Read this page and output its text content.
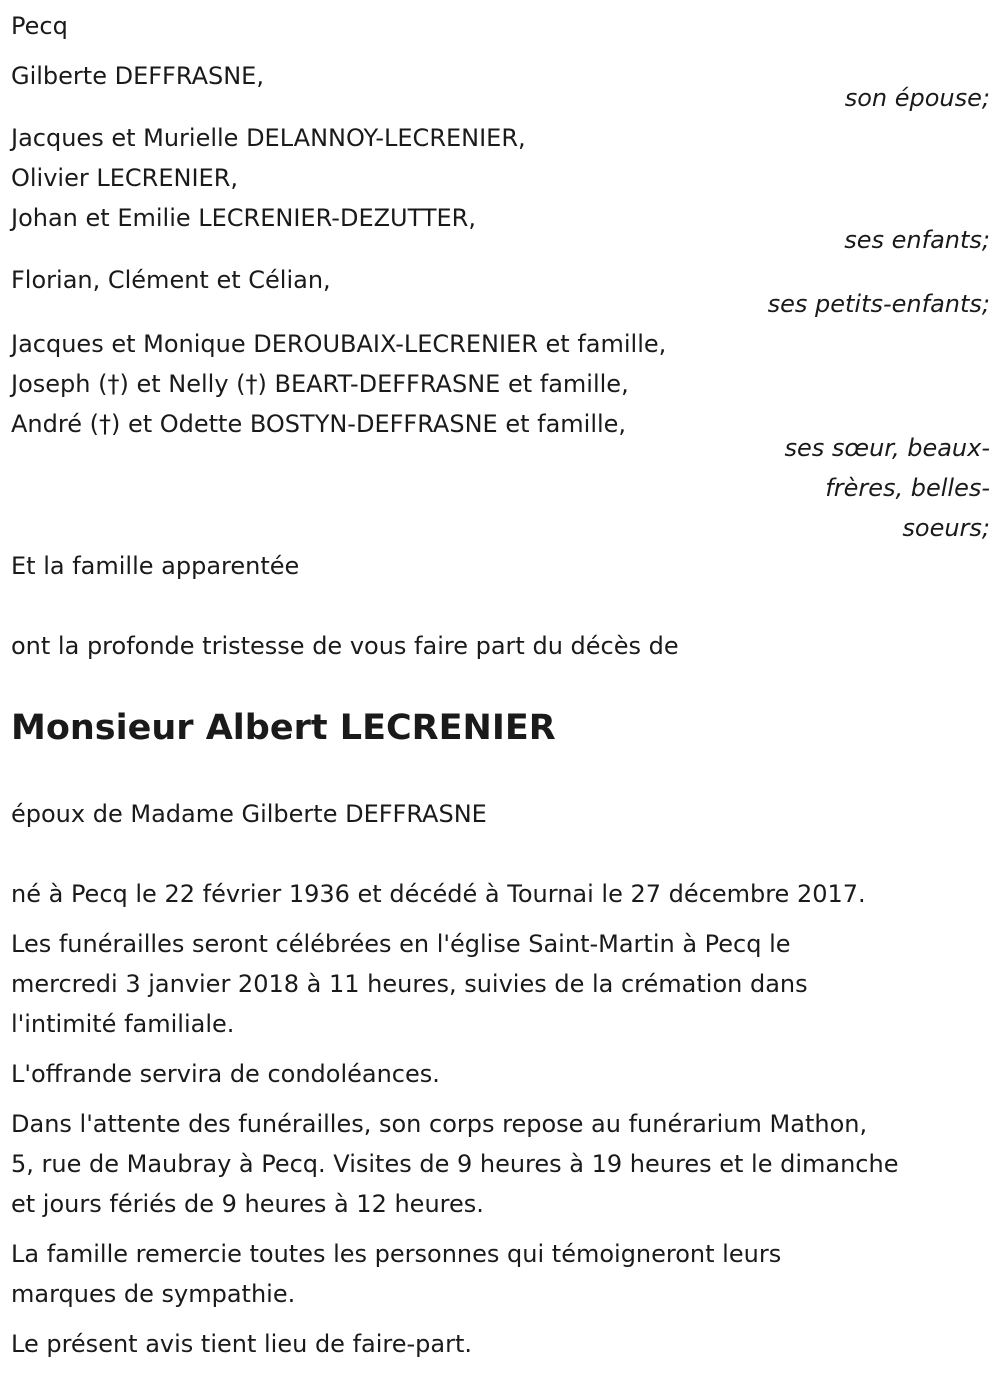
Pecq

Gilberte DEFFRASNE,

son épouse;

Jacques et Murielle DELANNOY-LECRENIER,

Olivier LECRENIER,

Johan et Emilie LECRENIER-DEZUTTER,

ses enfants;

Florian, Clément et Célian,

ses petits-enfants;

Jacques et Monique DEROUBAIX-LECRENIER et famille,

Joseph (†) et Nelly (†) BEART-DEFFRASNE et famille,

André (†) et Odette BOSTYN-DEFFRASNE et famille,

ses sœur, beaux-frères, belles-soeurs;

Et la famille apparentée

ont la profonde tristesse de vous faire part du décès de

Monsieur Albert LECRENIER

époux de Madame Gilberte DEFFRASNE

né à Pecq le 22 février 1936 et décédé à Tournai le 27 décembre 2017.

Les funérailles seront célébrées en l'église Saint-Martin à Pecq le

mercredi 3 janvier 2018 à 11 heures, suivies de la crémation dans

l'intimité familiale.

L'offrande servira de condoléances.

Dans l'attente des funérailles, son corps repose au funérarium Mathon,

5, rue de Maubray à Pecq. Visites de 9 heures à 19 heures et le dimanche

et jours fériés de 9 heures à 12 heures.

La famille remercie toutes les personnes qui témoigneront leurs

marques de sympathie.

Le présent avis tient lieu de faire-part.
